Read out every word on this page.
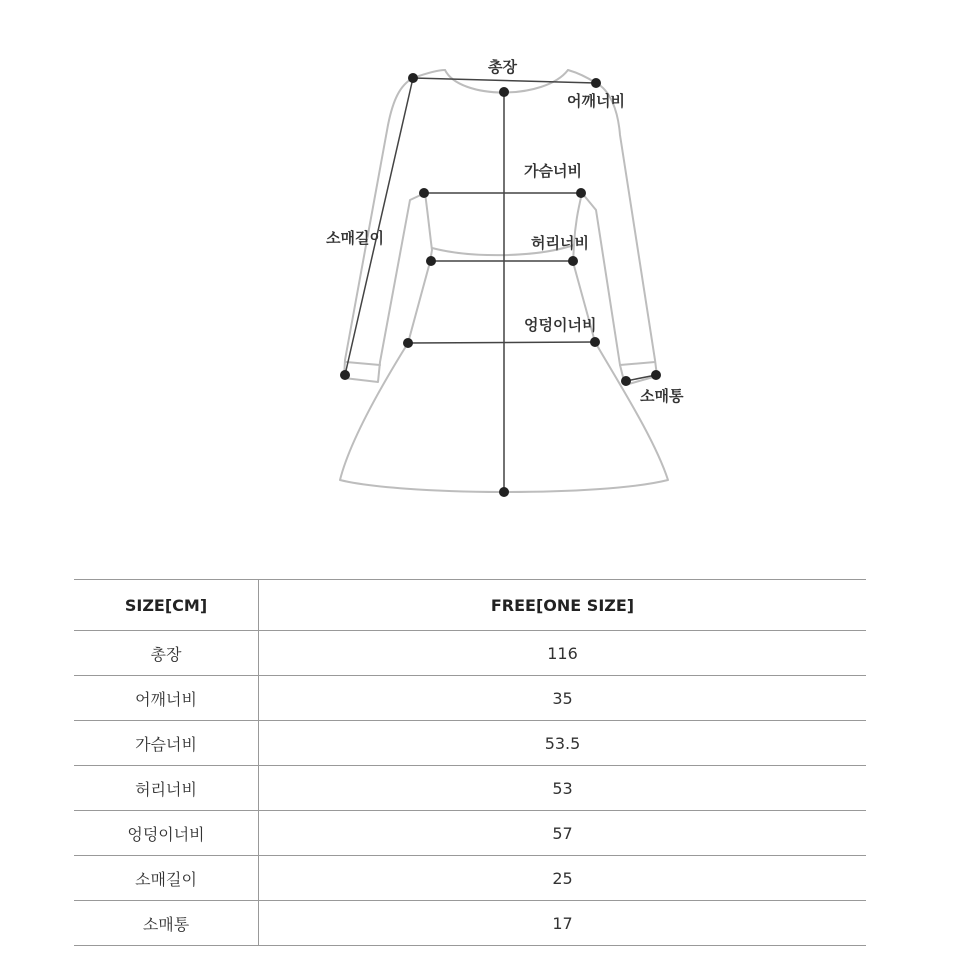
총장
어깨너비
가슴너비
허리너비
엉덩이너비
소매길이
소매통
SIZE[CM]	FREE[ONE SIZE]
총장	116
어깨너비	35
가슴너비	53.5
허리너비	53
엉덩이너비	57
소매길이	25
소매통	17
